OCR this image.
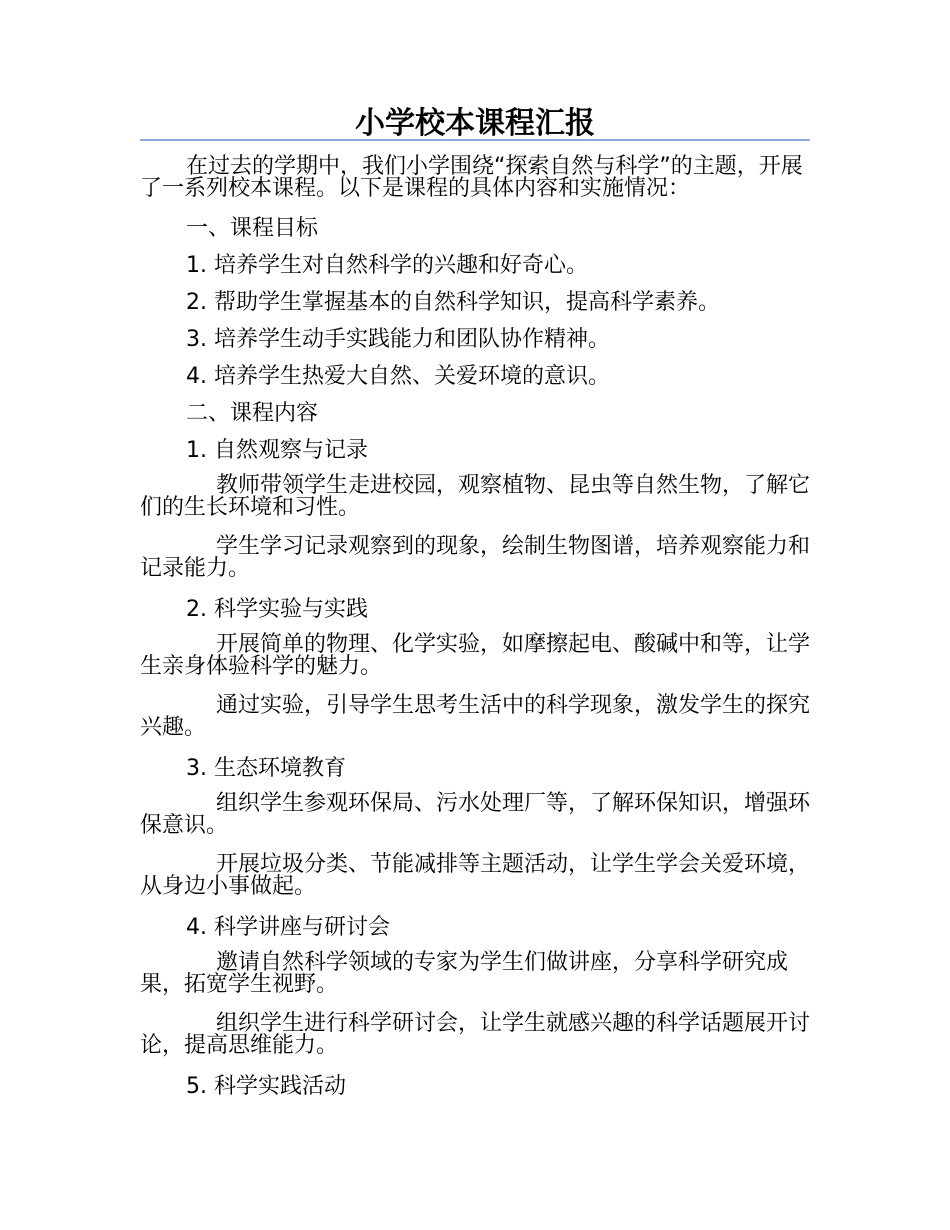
小学校本课程汇报

在过去的学期中，我们小学围绕“探索自然与科学”的主题，开展了一系列校本课程。以下是课程的具体内容和实施情况：

一、课程目标
1. 培养学生对自然科学的兴趣和好奇心。
2. 帮助学生掌握基本的自然科学知识，提高科学素养。
3. 培养学生动手实践能力和团队协作精神。
4. 培养学生热爱大自然、关爱环境的意识。
二、课程内容
1. 自然观察与记录

教师带领学生走进校园，观察植物、昆虫等自然生物，了解它们的生长环境和习性。

学生学习记录观察到的现象，绘制生物图谱，培养观察能力和记录能力。

2. 科学实验与实践

开展简单的物理、化学实验，如摩擦起电、酸碱中和等，让学生亲身体验科学的魅力。

通过实验，引导学生思考生活中的科学现象，激发学生的探究兴趣。

3. 生态环境教育

组织学生参观环保局、污水处理厂等，了解环保知识，增强环保意识。

开展垃圾分类、节能减排等主题活动，让学生学会关爱环境，从身边小事做起。

4. 科学讲座与研讨会

邀请自然科学领域的专家为学生们做讲座，分享科学研究成果，拓宽学生视野。

组织学生进行科学研讨会，让学生就感兴趣的科学话题展开讨论，提高思维能力。

5. 科学实践活动
